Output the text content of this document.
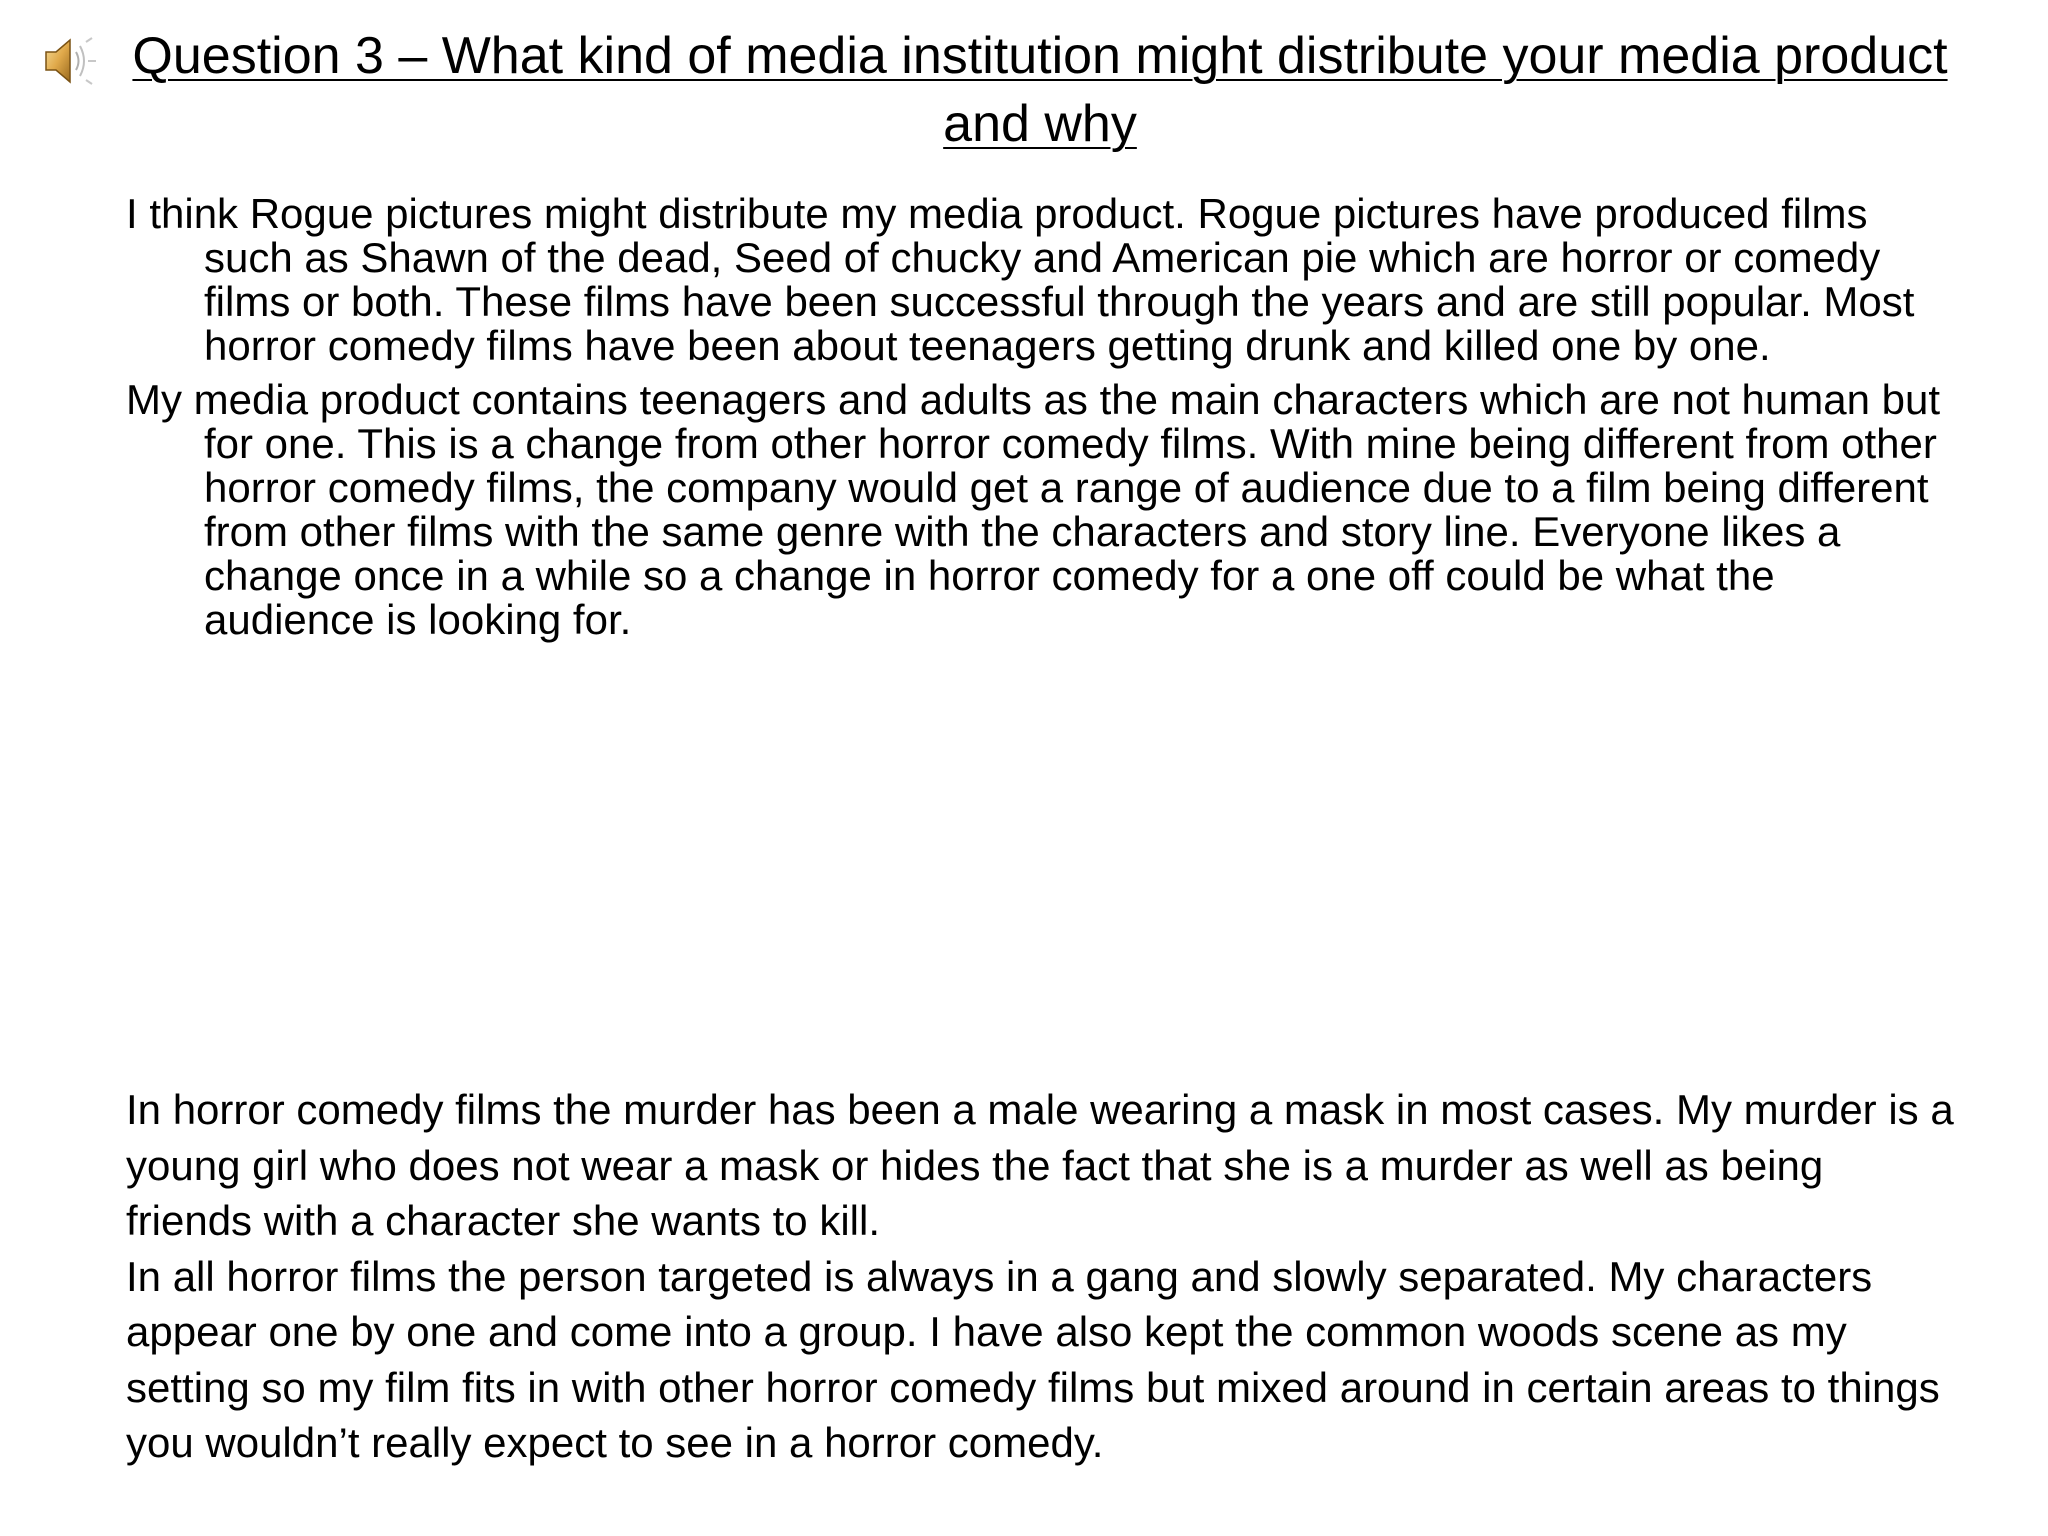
Question 3 – What kind of media institution might distribute your media product and why

I think Rogue pictures might distribute my media product. Rogue pictures have produced films such as Shawn of the dead, Seed of chucky and American pie which are horror or comedy films or both. These films have been successful through the years and are still popular. Most horror comedy films have been about teenagers getting drunk and killed one by one.

My media product contains teenagers and adults as the main characters which are not human but for one. This is a change from other horror comedy films. With mine being different from other horror comedy films, the company would get a range of audience due to a film being different from other films with the same genre with the characters and story line. Everyone likes a change once in a while so a change in horror comedy for a one off could be what the audience is looking for.

In horror comedy films the murder has been a male wearing a mask in most cases. My murder is a young girl who does not wear a mask or hides the fact that she is a murder as well as being friends with a character she wants to kill.

In all horror films the person targeted is always in a gang and slowly separated. My characters appear one by one and come into a group. I have also kept the common woods scene as my setting so my film fits in with other horror comedy films but mixed around in certain areas to things you wouldn’t really expect to see in a horror comedy.
